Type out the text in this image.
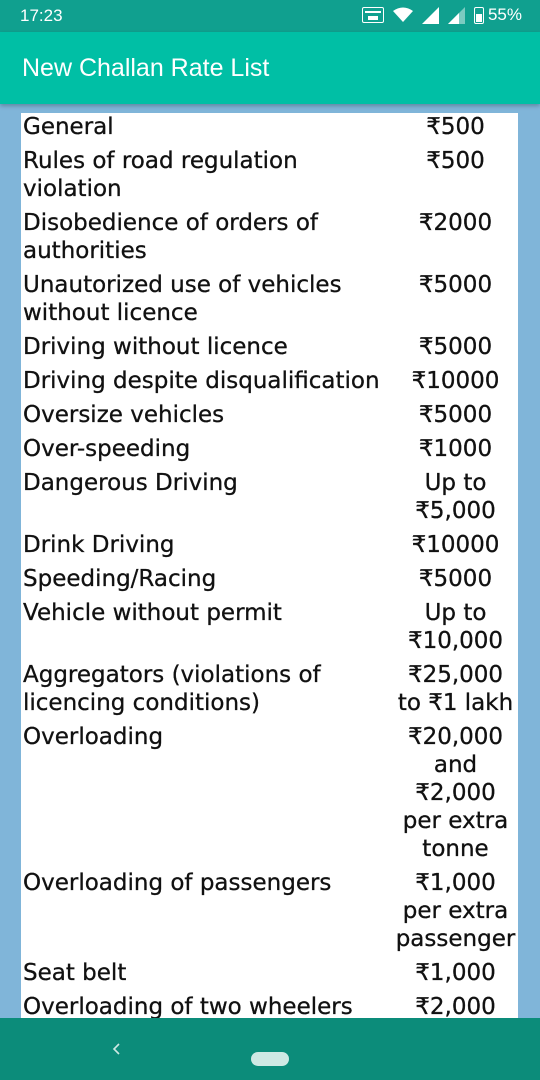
17:23	55%
New Challan Rate List
General	₹500
Rules of road regulation violation	₹500
Disobedience of orders of authorities	₹2000
Unautorized use of vehicles without licence	₹5000
Driving without licence	₹5000
Driving despite disqualification	₹10000
Oversize vehicles	₹5000
Over-speeding	₹1000
Dangerous Driving	Up to ₹5,000
Drink Driving	₹10000
Speeding/Racing	₹5000
Vehicle without permit	Up to ₹10,000
Aggregators (violations of licencing conditions)	₹25,000 to ₹1 lakh
Overloading	₹20,000 and ₹2,000 per extra tonne
Overloading of passengers	₹1,000 per extra passenger
Seat belt	₹1,000
Overloading of two wheelers	₹2,000
